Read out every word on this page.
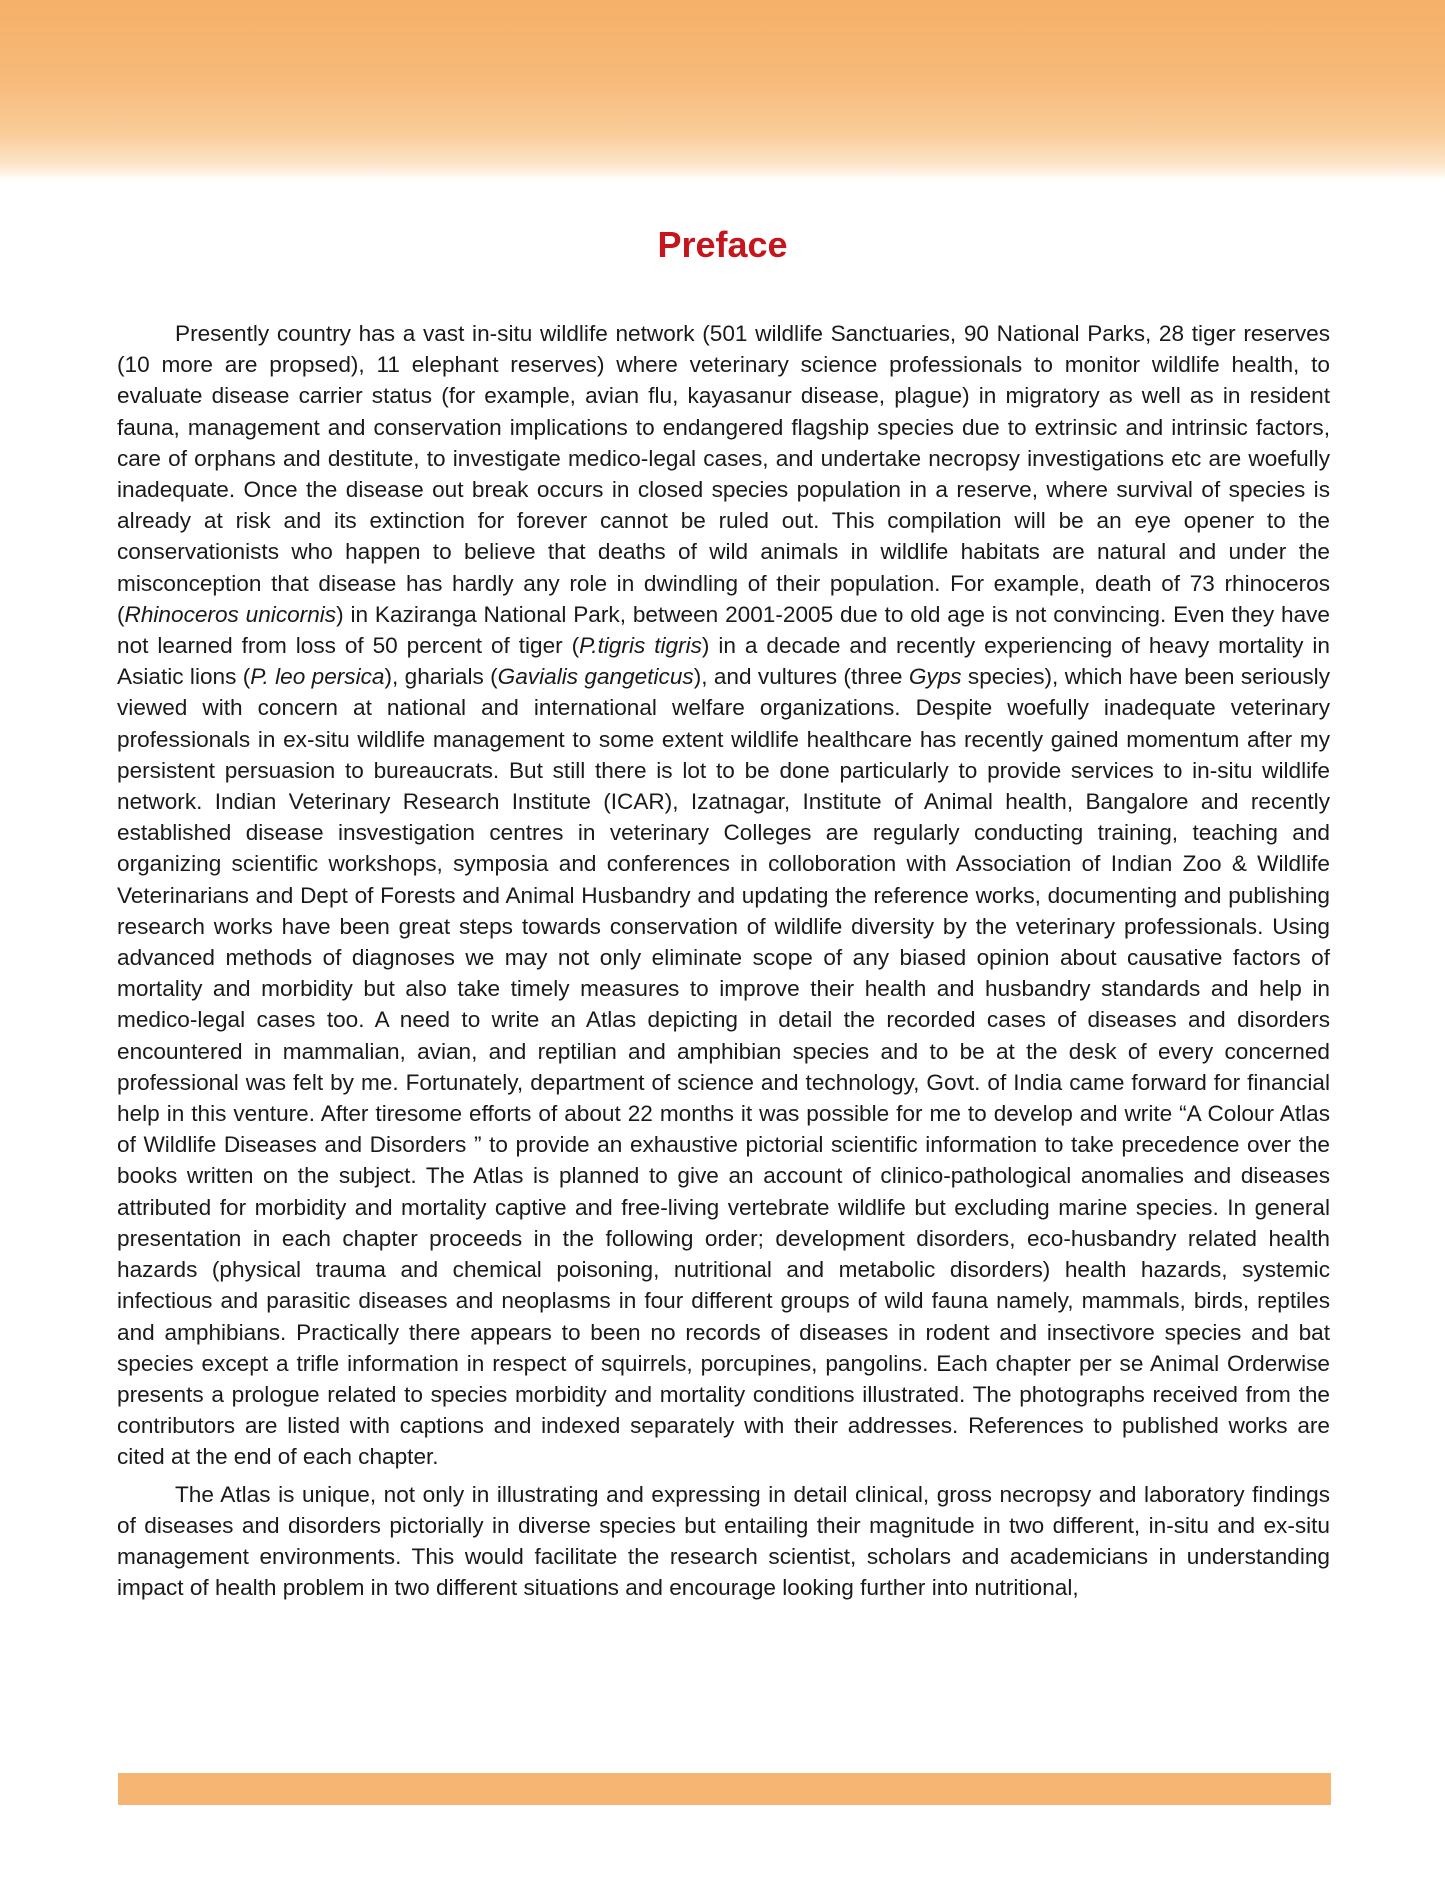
Preface

Presently country has a vast in-situ wildlife network (501 wildlife Sanctuaries, 90 National Parks, 28 tiger reserves (10 more are propsed), 11 elephant reserves) where veterinary science professionals to monitor wildlife health, to evaluate disease carrier status (for example, avian flu, kayasanur disease, plague) in migratory as well as in resident fauna, management and conservation implications to endangered flagship species due to extrinsic and intrinsic factors, care of orphans and destitute, to investigate medico-legal cases, and undertake necropsy investigations etc are woefully inadequate. Once the disease out break occurs in closed species population in a reserve, where survival of species is already at risk and its extinction for forever cannot be ruled out. This compilation will be an eye opener to the conservationists who happen to believe that deaths of wild animals in wildlife habitats are natural and under the misconception that disease has hardly any role in dwindling of their population. For example, death of 73 rhinoceros (Rhinoceros unicornis) in Kaziranga National Park, between 2001-2005 due to old age is not convincing. Even they have not learned from loss of 50 percent of tiger (P.tigris tigris) in a decade and recently experiencing of heavy mortality in Asiatic lions (P. leo persica), gharials (Gavialis gangeticus), and vultures (three Gyps species), which have been seriously viewed with concern at national and international welfare organizations. Despite woefully inadequate veterinary professionals in ex-situ wildlife management to some extent wildlife healthcare has recently gained momentum after my persistent persuasion to bureaucrats. But still there is lot to be done particularly to provide services to in-situ wildlife network. Indian Veterinary Research Institute (ICAR), Izatnagar, Institute of Animal health, Bangalore and recently established disease insvestigation centres in veterinary Colleges are regularly conducting training, teaching and organizing scientific workshops, symposia and conferences in colloboration with Association of Indian Zoo & Wildlife Veterinarians and Dept of Forests and Animal Husbandry and updating the reference works, documenting and publishing research works have been great steps towards conservation of wildlife diversity by the veterinary professionals. Using advanced methods of diagnoses we may not only eliminate scope of any biased opinion about causative factors of mortality and morbidity but also take timely measures to improve their health and husbandry standards and help in medico-legal cases too. A need to write an Atlas depicting in detail the recorded cases of diseases and disorders encountered in mammalian, avian, and reptilian and amphibian species and to be at the desk of every concerned professional was felt by me. Fortunately, department of science and technology, Govt. of India came forward for financial help in this venture. After tiresome efforts of about 22 months it was possible for me to develop and write “A Colour Atlas of Wildlife Diseases and Disorders ” to provide an exhaustive pictorial scientific information to take precedence over the books written on the subject. The Atlas is planned to give an account of clinico-pathological anomalies and diseases attributed for morbidity and mortality captive and free-living vertebrate wildlife but excluding marine species. In general presentation in each chapter proceeds in the following order; development disorders, eco-husbandry related health hazards (physical trauma and chemical poisoning, nutritional and metabolic disorders) health hazards, systemic infectious and parasitic diseases and neoplasms in four different groups of wild fauna namely, mammals, birds, reptiles and amphibians. Practically there appears to been no records of diseases in rodent and insectivore species and bat species except a trifle information in respect of squirrels, porcupines, pangolins. Each chapter per se Animal Orderwise presents a prologue related to species morbidity and mortality conditions illustrated. The photographs received from the contributors are listed with captions and indexed separately with their addresses. References to published works are cited at the end of each chapter.

The Atlas is unique, not only in illustrating and expressing in detail clinical, gross necropsy and laboratory findings of diseases and disorders pictorially in diverse species but entailing their magnitude in two different, in-situ and ex-situ management environments. This would facilitate the research scientist, scholars and academicians in understanding impact of health problem in two different situations and encourage looking further into nutritional,
